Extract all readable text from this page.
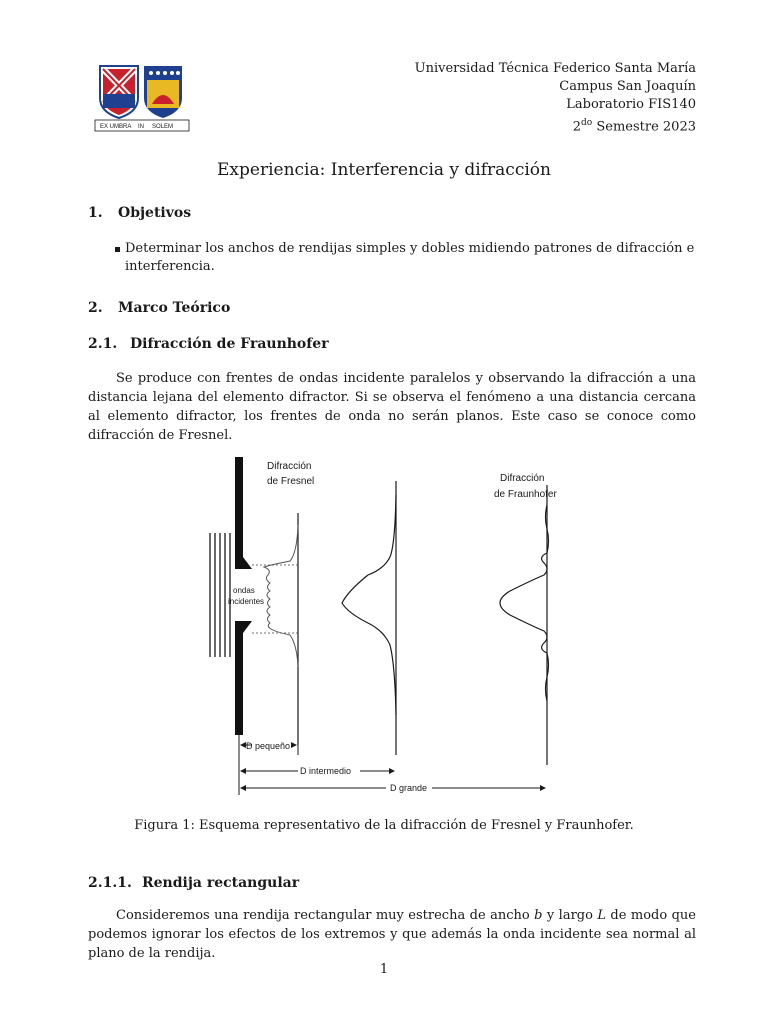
EX UMBRA IN SOLEM
Universidad Técnica Federico Santa María
Campus San Joaquín
Laboratorio FIS140
$2^{do}$ Semestre 2023
Experiencia: Interferencia y difracción
1. Objetivos
Determinar los anchos de rendijas simples y dobles midiendo patrones de difracción e interferencia.
2. Marco Teórico
2.1. Difracción de Fraunhofer
Se produce con frentes de ondas incidente paralelos y observando la difracción a una distancia lejana del elemento difractor. Si se observa el fenómeno a una distancia cercana al elemento difractor, los frentes de onda no serán planos. Este caso se conoce como difracción de Fresnel.
ondas
incidentes
Difracción
de Fresnel	Difracción
de Fraunhofer
D pequeño
D intermedio
D grande
Figura 1: Esquema representativo de la difracción de Fresnel y Fraunhofer.
2.1.1. Rendija rectangular
Consideremos una rendija rectangular muy estrecha de ancho b y largo L de modo que podemos ignorar los efectos de los extremos y que además la onda incidente sea normal al plano de la rendija.
1
